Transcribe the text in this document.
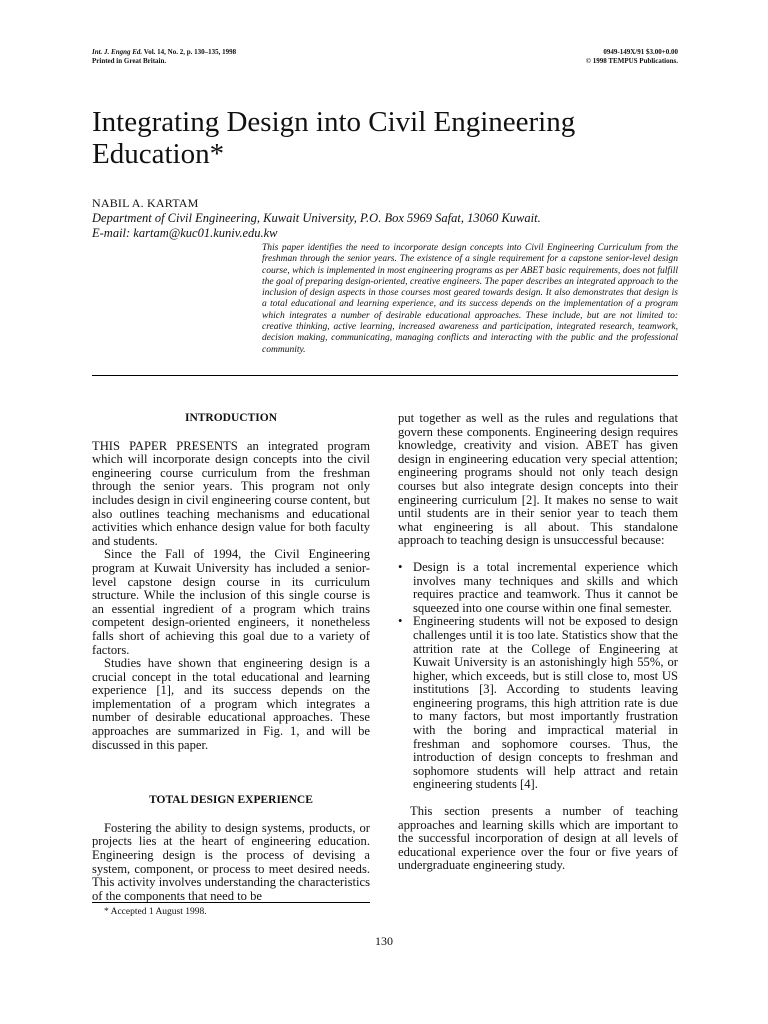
Int. J. Engng Ed. Vol. 14, No. 2, p. 130–135, 1998
Printed in Great Britain.
0949-149X/91 $3.00+0.00
© 1998 TEMPUS Publications.
Integrating Design into Civil Engineering Education*
NABIL A. KARTAM
Department of Civil Engineering, Kuwait University, P.O. Box 5969 Safat, 13060 Kuwait.
E-mail: kartam@kuc01.kuniv.edu.kw

This paper identifies the need to incorporate design concepts into Civil Engineering Curriculum from the freshman through the senior years. The existence of a single requirement for a capstone senior-level design course, which is implemented in most engineering programs as per ABET basic requirements, does not fulfill the goal of preparing design-oriented, creative engineers. The paper describes an integrated approach to the inclusion of design aspects in those courses most geared towards design. It also demonstrates that design is a total educational and learning experience, and its success depends on the implementation of a program which integrates a number of desirable educational approaches. These include, but are not limited to: creative thinking, active learning, increased awareness and participation, integrated research, teamwork, decision making, communicating, managing conflicts and interacting with the public and the professional community.

INTRODUCTION

THIS PAPER PRESENTS an integrated program which will incorporate design concepts into the civil engineering course curriculum from the freshman through the senior years. This program not only includes design in civil engineering course content, but also outlines teaching mechanisms and educational activities which enhance design value for both faculty and students.

Since the Fall of 1994, the Civil Engineering program at Kuwait University has included a senior-level capstone design course in its curriculum structure. While the inclusion of this single course is an essential ingredient of a program which trains competent design-oriented engineers, it nonetheless falls short of achieving this goal due to a variety of factors.

Studies have shown that engineering design is a crucial concept in the total educational and learning experience [1], and its success depends on the implementation of a program which integrates a number of desirable educational approaches. These approaches are summarized in Fig. 1, and will be discussed in this paper.

TOTAL DESIGN EXPERIENCE

Fostering the ability to design systems, products, or projects lies at the heart of engineering education. Engineering design is the process of devising a system, component, or process to meet desired needs. This activity involves understanding the characteristics of the components that need to be

put together as well as the rules and regulations that govern these components. Engineering design requires knowledge, creativity and vision. ABET has given design in engineering education very special attention; engineering programs should not only teach design courses but also integrate design concepts into their engineering curriculum [2]. It makes no sense to wait until students are in their senior year to teach them what engineering is all about. This standalone approach to teaching design is unsuccessful because:

• Design is a total incremental experience which involves many techniques and skills and which requires practice and teamwork. Thus it cannot be squeezed into one course within one final semester.
• Engineering students will not be exposed to design challenges until it is too late. Statistics show that the attrition rate at the College of Engineering at Kuwait University is an astonishingly high 55%, or higher, which exceeds, but is still close to, most US institutions [3]. According to students leaving engineering programs, this high attrition rate is due to many factors, but most importantly frustration with the boring and impractical material in freshman and sophomore courses. Thus, the introduction of design concepts to freshman and sophomore students will help attract and retain engineering students [4].

This section presents a number of teaching approaches and learning skills which are important to the successful incorporation of design at all levels of educational experience over the four or five years of undergraduate engineering study.

* Accepted 1 August 1998.
130
